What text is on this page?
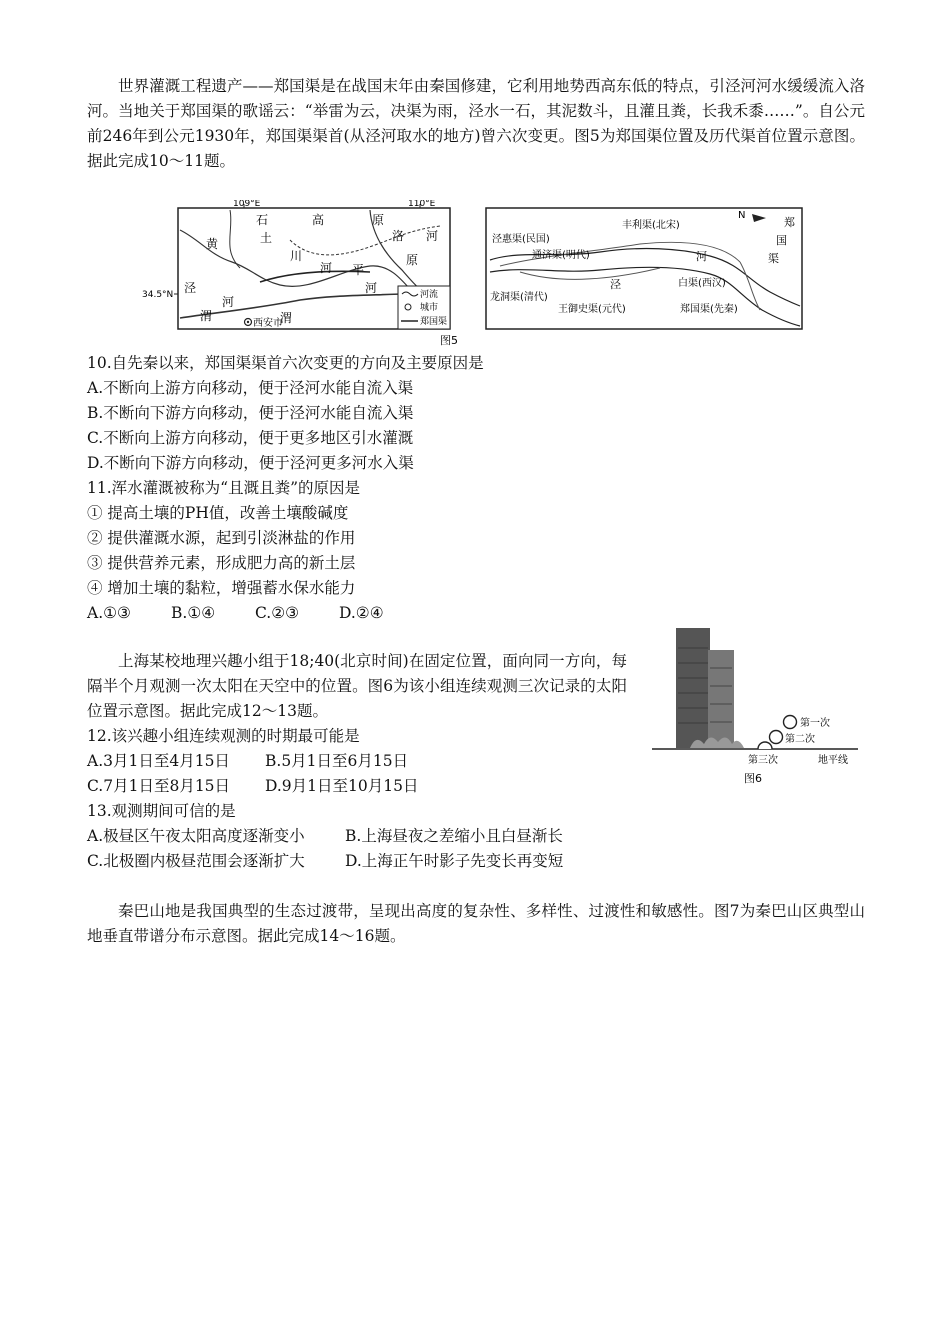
世界灌溉工程遗产——郑国渠是在战国末年由秦国修建，它利用地势西高东低的特点，引泾河河水缓缓流入洛河。当地关于郑国渠的歌谣云：“举雷为云，决渠为雨，泾水一石，其泥数斗，且灌且粪，长我禾黍……”。自公元前246年到公元1930年，郑国渠渠首(从泾河取水的地方)曾六次变更。图5为郑国渠位置及历代渠首位置示意图。据此完成10～11题。

109°E	110°E
34.5°N
黄	土
高	原
川
河 平
洛 河
石
泾
渭
河
渭
原
河
西安市
河流
城市
郑国渠
N
丰利渠(北宋)
泾惠渠(民国)
通济渠(明代)
龙洞渠(清代)
王御史渠(元代)
白渠(西汉)
郑国渠(先秦)
泾
河
郑
国
渠
图5
10.自先秦以来，郑国渠渠首六次变更的方向及主要原因是
A.不断向上游方向移动，便于泾河水能自流入渠
B.不断向下游方向移动，便于泾河水能自流入渠
C.不断向上游方向移动，便于更多地区引水灌溉
D.不断向下游方向移动，便于泾河更多河水入渠
11.浑水灌溉被称为“且溉且粪”的原因是
① 提高土壤的PH值，改善土壤酸碱度
② 提供灌溉水源，起到引淡淋盐的作用
③ 提供营养元素，形成肥力高的新土层
④ 增加土壤的黏粒，增强蓄水保水能力
A.①③	B.①④	C.②③	D.②④

上海某校地理兴趣小组于18;40(北京时间)在固定位置，面向同一方向，每隔半个月观测一次太阳在天空中的位置。图6为该小组连续观测三次记录的太阳位置示意图。据此完成12～13题。

第一次
第二次
第三次	地平线
图6
12.该兴趣小组连续观测的时期最可能是
A.3月1日至4月15日 B.5月1日至6月15日
C.7月1日至8月15日 D.9月1日至10月15日
13.观测期间可信的是
A.极昼区午夜太阳高度逐渐变小	B.上海昼夜之差缩小且白昼渐长
C.北极圈内极昼范围会逐渐扩大	D.上海正午时影子先变长再变短

秦巴山地是我国典型的生态过渡带，呈现出高度的复杂性、多样性、过渡性和敏感性。图7为秦巴山区典型山地垂直带谱分布示意图。据此完成14～16题。
